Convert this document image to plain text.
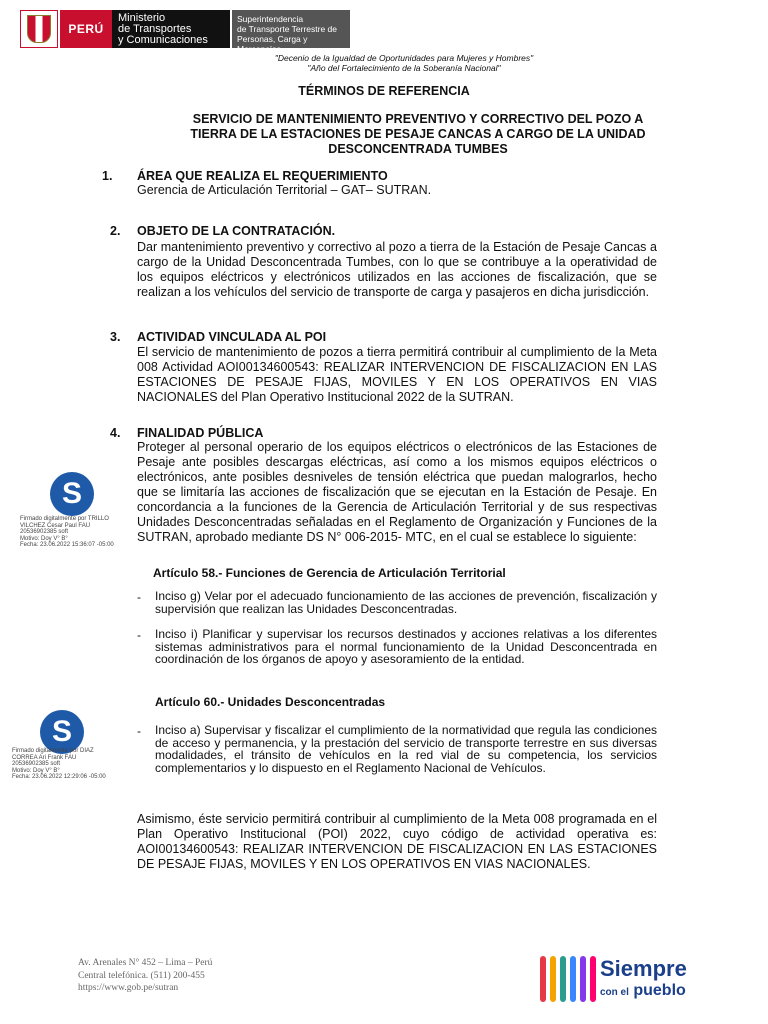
PERÚ
Ministerio
de Transportes
y Comunicaciones
Superintendencia
de Transporte Terrestre de
Personas, Carga y Mercancías
"Decenio de la Igualdad de Oportunidades para Mujeres y Hombres"
"Año del Fortalecimiento de la Soberanía Nacional"
TÉRMINOS DE REFERENCIA
SERVICIO DE MANTENIMIENTO PREVENTIVO Y CORRECTIVO DEL POZO A TIERRA DE LA ESTACIONES DE PESAJE CANCAS A CARGO DE LA UNIDAD DESCONCENTRADA TUMBES
1. ÁREA QUE REALIZA EL REQUERIMIENTO
Gerencia de Articulación Territorial – GAT– SUTRAN.
2. OBJETO DE LA CONTRATACIÓN.
Dar mantenimiento preventivo y correctivo al pozo a tierra de la Estación de Pesaje Cancas a cargo de la Unidad Desconcentrada Tumbes, con lo que se contribuye a la operatividad de los equipos eléctricos y electrónicos utilizados en las acciones de fiscalización, que se realizan a los vehículos del servicio de transporte de carga y pasajeros en dicha jurisdicción.
3. ACTIVIDAD VINCULADA AL POI
El servicio de mantenimiento de pozos a tierra permitirá contribuir al cumplimiento de la Meta 008 Actividad AOI00134600543: REALIZAR INTERVENCION DE FISCALIZACION EN LAS ESTACIONES DE PESAJE FIJAS, MOVILES Y EN LOS OPERATIVOS EN VIAS NACIONALES del Plan Operativo Institucional 2022 de la SUTRAN.
4. FINALIDAD PÚBLICA
Proteger al personal operario de los equipos eléctricos o electrónicos de las Estaciones de Pesaje ante posibles descargas eléctricas, así como a los mismos equipos eléctricos o electrónicos, ante posibles desniveles de tensión eléctrica que puedan malograrlos, hecho que se limitaría las acciones de fiscalización que se ejecutan en la Estación de Pesaje. En concordancia a la funciones de la Gerencia de Articulación Territorial y de sus respectivas Unidades Desconcentradas señaladas en el Reglamento de Organización y Funciones de la SUTRAN, aprobado mediante DS N° 006-2015- MTC, en el cual se establece lo siguiente:
S
Firmado digitalmente por TRILLO
VILCHEZ Cesar Paul FAU
20536902385 soft
Motivo: Doy V° B°
Fecha: 23.06.2022 15:36:07 -05:00
Artículo 58.- Funciones de Gerencia de Articulación Territorial
- Inciso g) Velar por el adecuado funcionamiento de las acciones de prevención, fiscalización y supervisión que realizan las Unidades Desconcentradas.
- Inciso i) Planificar y supervisar los recursos destinados y acciones relativas a los diferentes sistemas administrativos para el normal funcionamiento de la Unidad Desconcentrada en coordinación de los órganos de apoyo y asesoramiento de la entidad.
Artículo 60.- Unidades Desconcentradas
S
Firmado digitalmente por DIAZ
CORREA Ari Frank FAU
20536902385 soft
Motivo: Doy V° B°
Fecha: 23.06.2022 12:29:06 -05:00
- Inciso a) Supervisar y fiscalizar el cumplimiento de la normatividad que regula las condiciones de acceso y permanencia, y la prestación del servicio de transporte terrestre en sus diversas modalidades, el tránsito de vehículos en la red vial de su competencia, los servicios complementarios y lo dispuesto en el Reglamento Nacional de Vehículos.
Asimismo, éste servicio permitirá contribuir al cumplimiento de la Meta 008 programada en el Plan Operativo Institucional (POI) 2022, cuyo código de actividad operativa es: AOI00134600543: REALIZAR INTERVENCION DE FISCALIZACION EN LAS ESTACIONES DE PESAJE FIJAS, MOVILES Y EN LOS OPERATIVOS EN VIAS NACIONALES.
Av. Arenales N° 452 – Lima – Perú
Central telefónica. (511) 200-455
https://www.gob.pe/sutran
Siempre
con el pueblo
